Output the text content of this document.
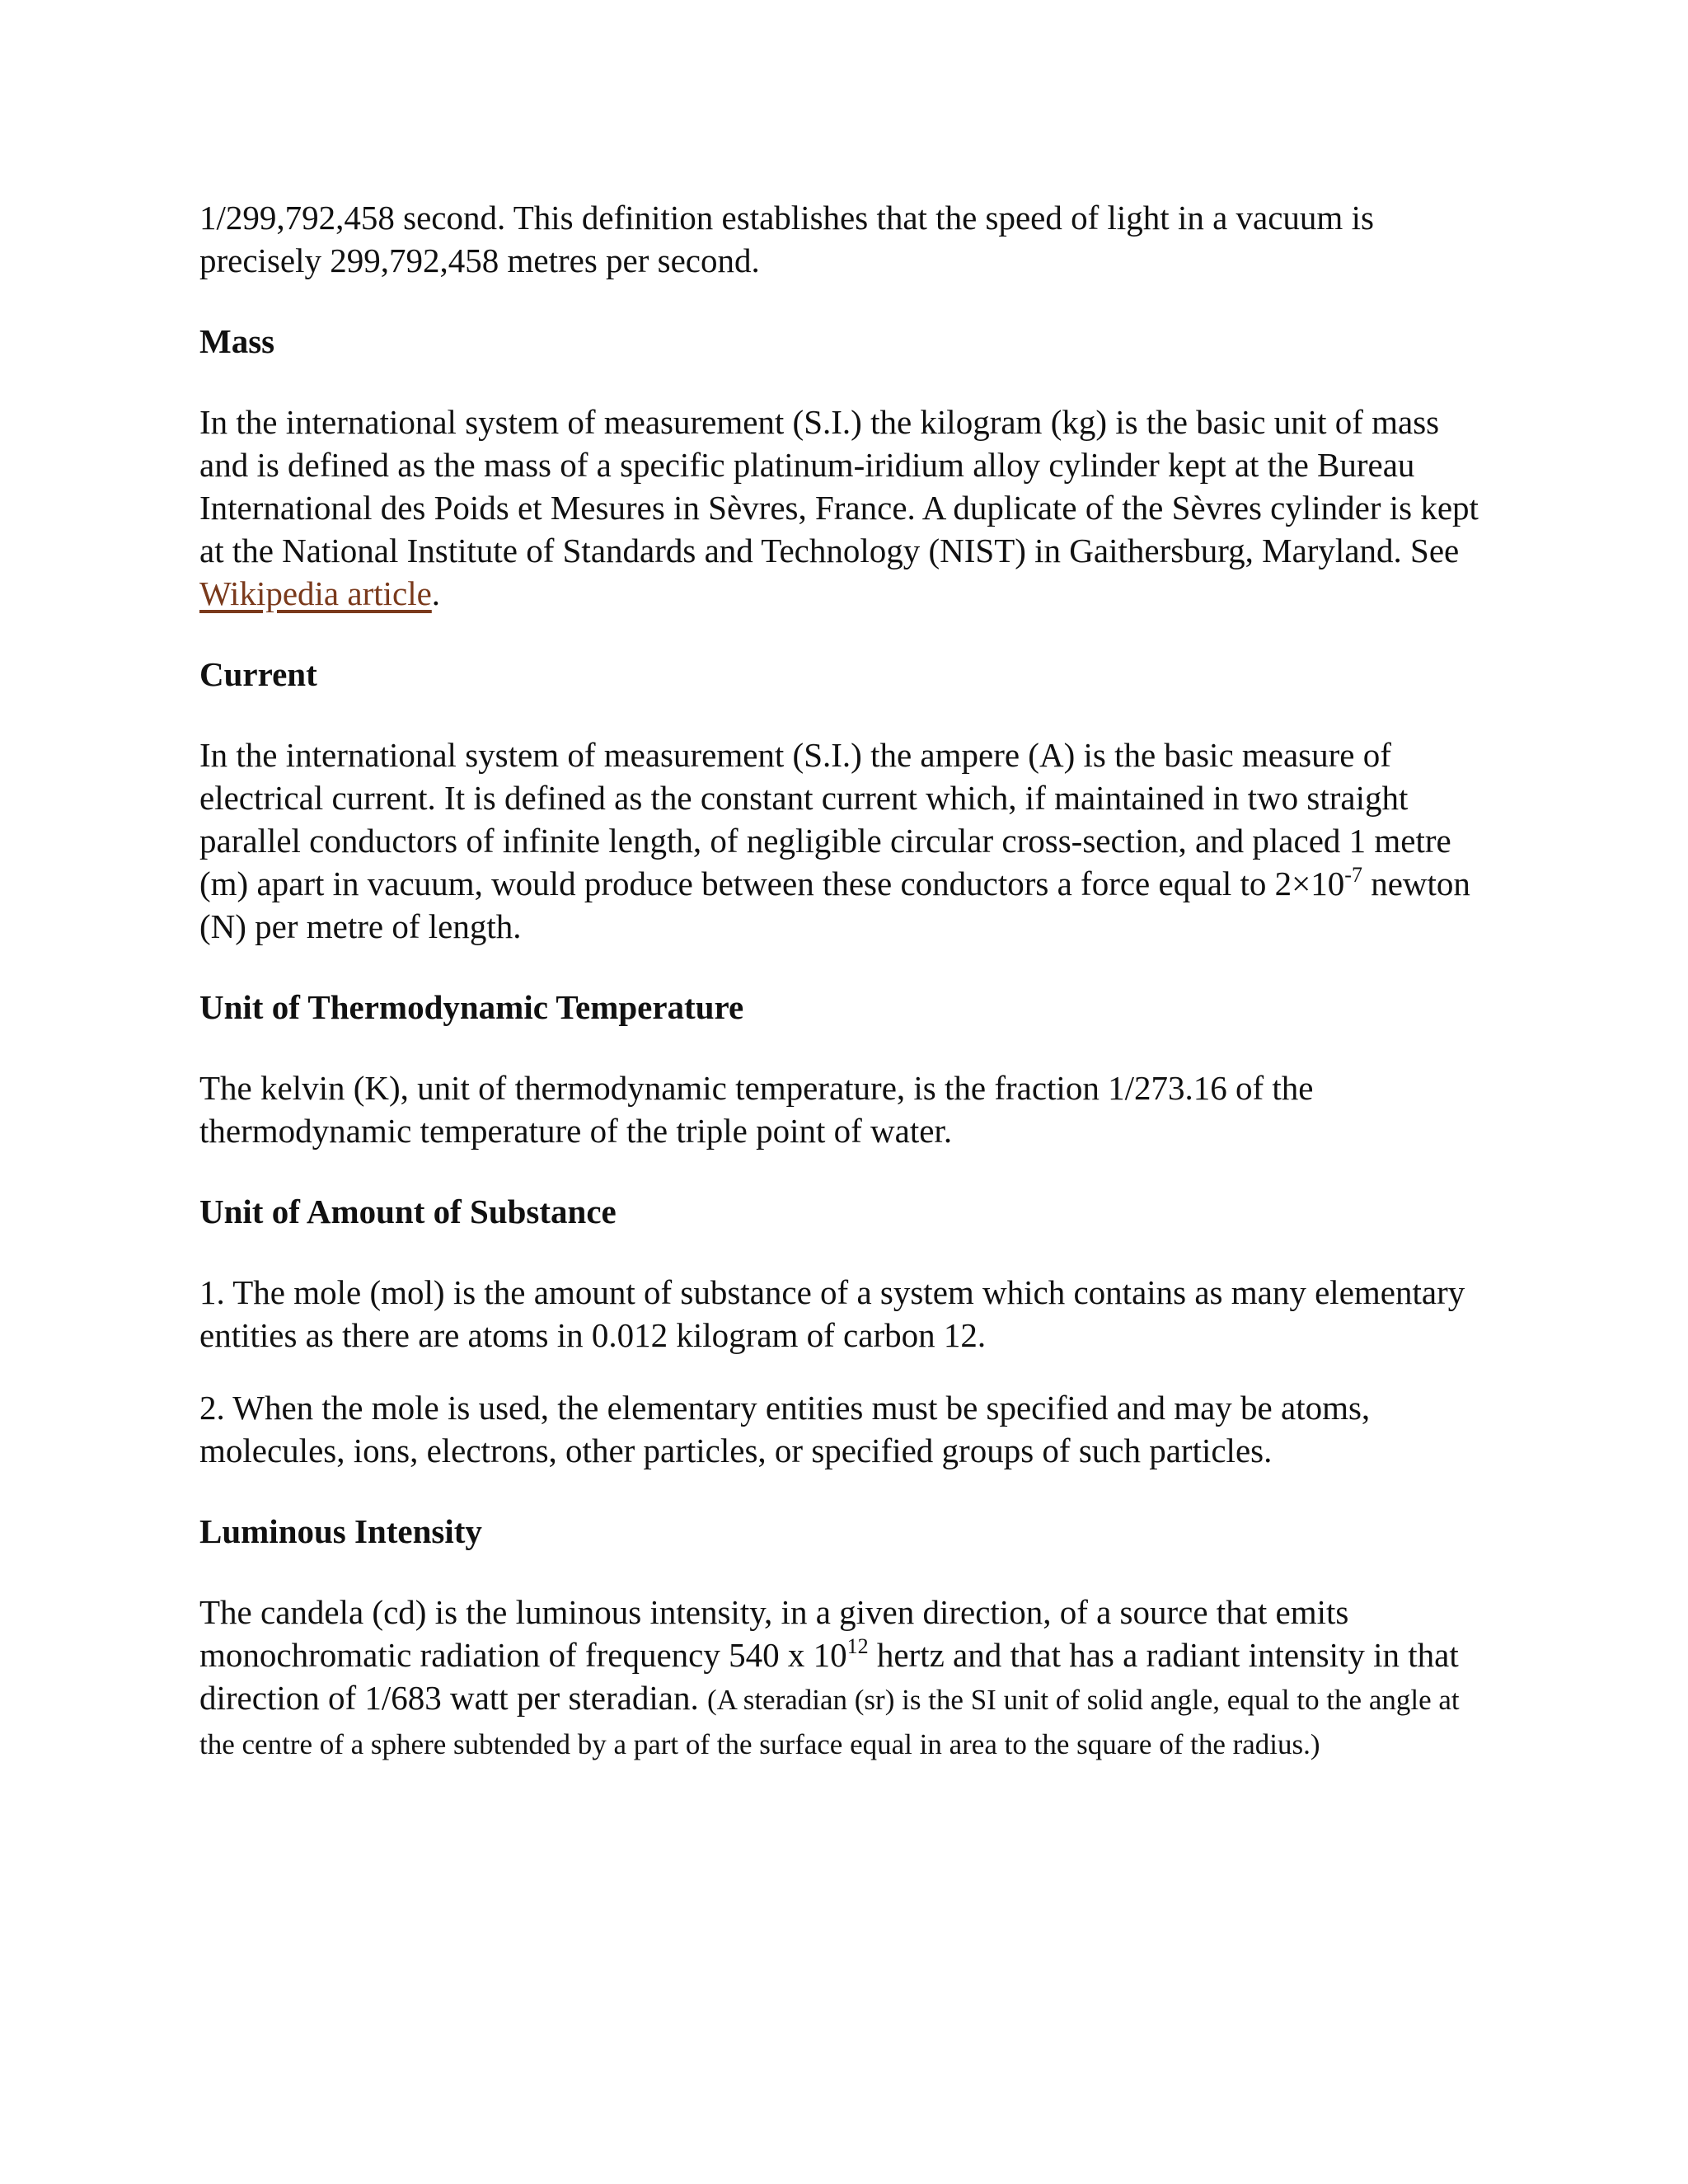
1/299,792,458 second. This definition establishes that the speed of light in a vacuum is precisely 299,792,458 metres per second.

Mass

In the international system of measurement (S.I.) the kilogram (kg) is the basic unit of mass and is defined as the mass of a specific platinum-iridium alloy cylinder kept at the Bureau International des Poids et Mesures in Sèvres, France. A duplicate of the Sèvres cylinder is kept at the National Institute of Standards and Technology (NIST) in Gaithersburg, Maryland. See Wikipedia article.

Current

In the international system of measurement (S.I.) the ampere (A) is the basic measure of electrical current. It is defined as the constant current which, if maintained in two straight parallel conductors of infinite length, of negligible circular cross-section, and placed 1 metre (m) apart in vacuum, would produce between these conductors a force equal to $2\times 10^{-7}$ newton (N) per metre of length.

Unit of Thermodynamic Temperature

The kelvin (K), unit of thermodynamic temperature, is the fraction 1/273.16 of the thermodynamic temperature of the triple point of water.

Unit of Amount of Substance

1. The mole (mol) is the amount of substance of a system which contains as many elementary entities as there are atoms in 0.012 kilogram of carbon 12.

2. When the mole is used, the elementary entities must be specified and may be atoms, molecules, ions, electrons, other particles, or specified groups of such particles.

Luminous Intensity

The candela (cd) is the luminous intensity, in a given direction, of a source that emits monochromatic radiation of frequency 540 x $10^{12}$ hertz and that has a radiant intensity in that direction of 1/683 watt per steradian. (A steradian (sr) is the SI unit of solid angle, equal to the angle at the centre of a sphere subtended by a part of the surface equal in area to the square of the radius.)
